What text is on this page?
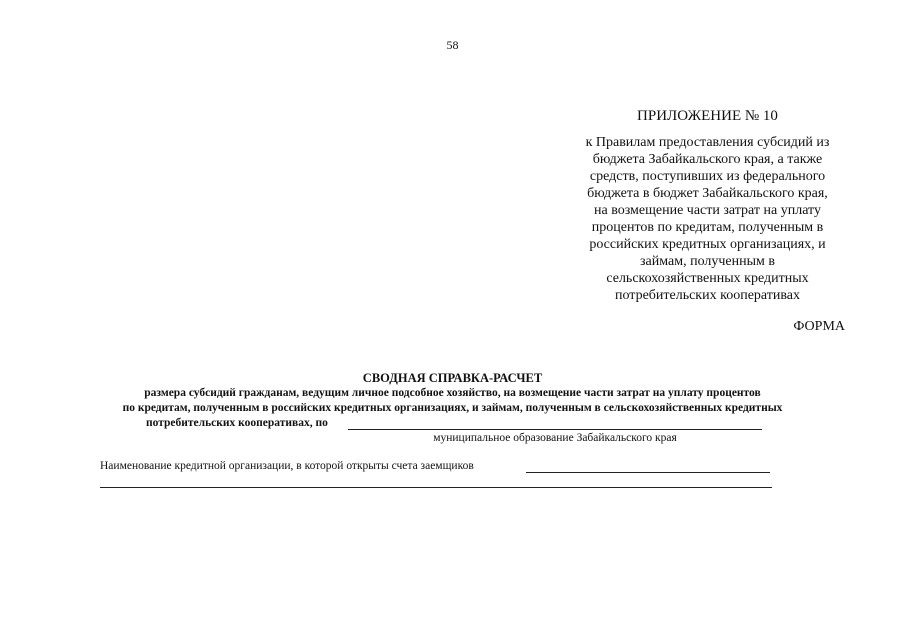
58
ПРИЛОЖЕНИЕ № 10
к Правилам предоставления субсидий из
бюджета Забайкальского края, а также
средств, поступивших из федерального
бюджета в бюджет Забайкальского края,
на возмещение части затрат на уплату
процентов по кредитам, полученным в
российских кредитных организациях, и
займам, полученным в
сельскохозяйственных кредитных
потребительских кооперативах
ФОРМА
СВОДНАЯ СПРАВКА-РАСЧЕТ
размера субсидий гражданам, ведущим личное подсобное хозяйство, на возмещение части затрат на уплату процентов
по кредитам, полученным в российских кредитных организациях, и займам, полученным в сельскохозяйственных кредитных
потребительских кооперативах, по
муниципальное образование Забайкальского края
Наименование кредитной организации, в которой открыты счета заемщиков
